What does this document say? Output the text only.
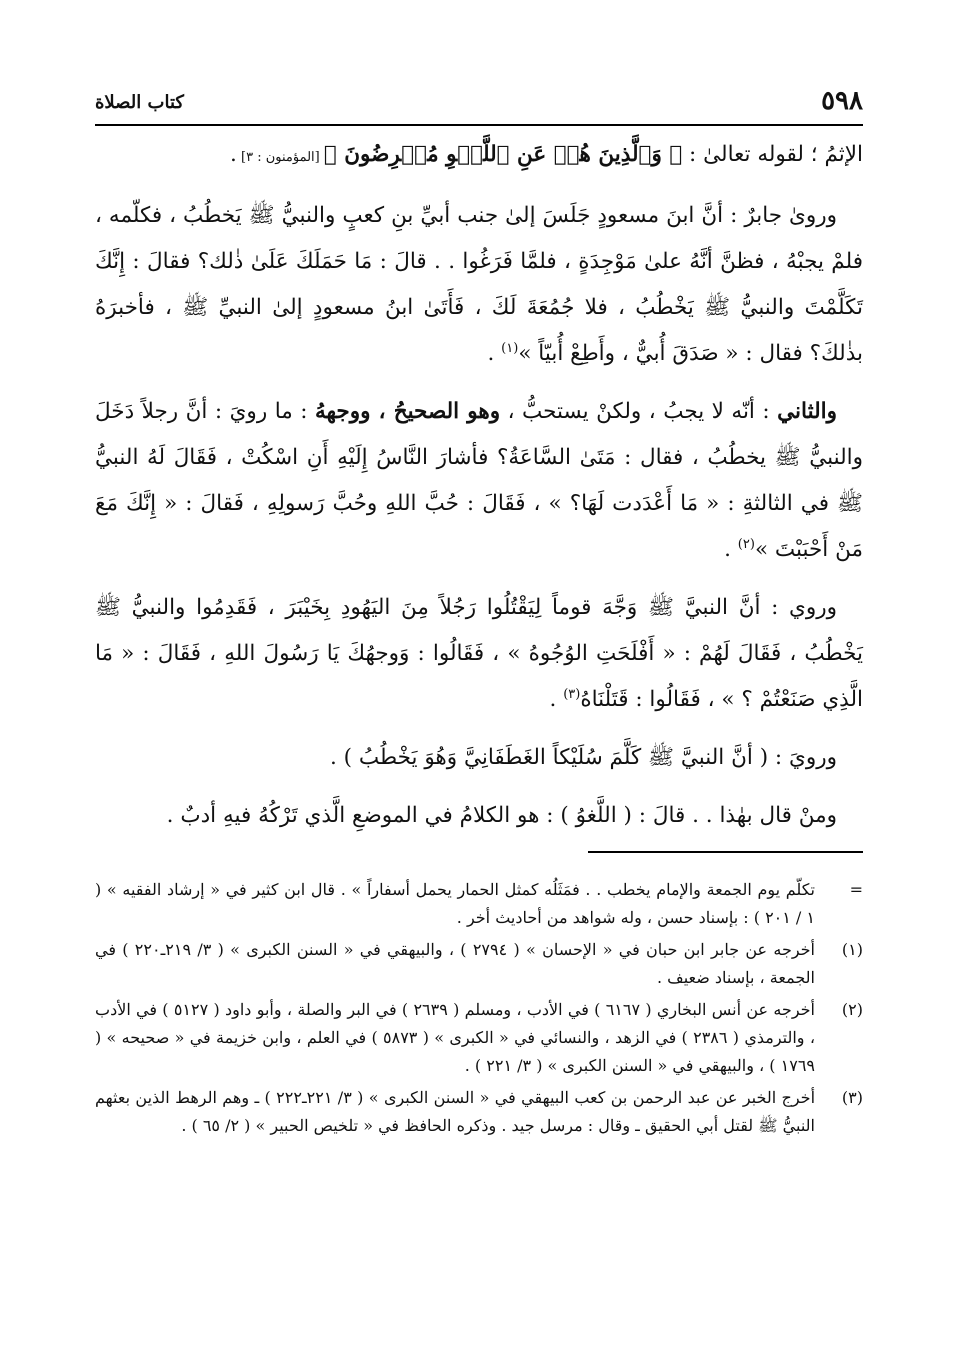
٥٩٨
كتاب الصلاة

الإثمُ ؛ لقوله تعالىٰ : ﴿ وَٱلَّذِينَ هُمۡ عَنِ ٱللَّغۡوِ مُعۡرِضُونَ ﴾ [المؤمنون : ٣] .

ورویٰ جابرٌ : أنَّ ابنَ مسعودٍ جَلَسَ إلىٰ جنب أبيِّ بنِ كعبٍ والنبيُّ ﷺ يَخطُبُ ، فكلّمه ، فلمْ يجبْهُ ، فظنَّ أنَّهُ علىٰ مَوْجِدَةٍ ، فلمَّا فَرَغُوا . . قالَ : مَا حَمَلَكَ عَلَىٰ ذٰلك؟ فقالَ : إِنَّكَ تَكَلَّمْتَ والنبيُّ ﷺ يَخْطُبُ ، فلا جُمُعَةَ لَكَ ، فَأَتَىٰ ابنُ مسعودٍ إلىٰ النبيِّ ﷺ ، فأخبرَهُ بذٰلكَ؟ فقال : « صَدَقَ أُبيٌّ ، وأَطِعْ أُبيّاً »$^{(١)}$ .

والثاني : أنّه لا يجبُ ، ولكنْ يستحبُّ ، وهو الصحيحُ ، ووجههُ : ما رويَ : أنَّ رجلاً دَخَلَ والنبيُّ ﷺ يخطُبُ ، فقال : مَتَىٰ السَّاعَةُ؟ فأشارَ النَّاسُ إِلَيْهِ أَنِ اسْكُتْ ، فَقَالَ لَهُ النبيُّ ﷺ في الثالثةِ : « مَا أَعْدَدت لَهَا؟ » ، فَقَالَ : حُبَّ اللهِ وحُبَّ رَسولِهِ ، فَقالَ : « إِنَّكَ مَعَ مَنْ أَحْبَبْتَ »$^{(٢)}$ .

وروي : أنَّ النبيَّ ﷺ وَجَّهَ قوماً لِيَقْتُلُوا رَجُلاً مِنَ اليَهُودِ بِخَيْبَرَ ، فَقَدِمُوا والنبيُّ ﷺ يَخْطُبُ ، فَقَالَ لَهُمْ : « أَفْلَحَتِ الوُجُوهُ » ، فَقَالُوا : وَوجهُكَ يَا رَسُولَ اللهِ ، فَقَالَ : « مَا الَّذِي صَنَعْتُمْ ؟ » ، فَقَالُوا : قَتَلْنَاهُ$^{(٣)}$ .

ورويَ : ( أنَّ النبيَّ ﷺ كَلَّمَ سُلَيْكاً الغَطَفَانِيَّ وَهُوَ يَخْطُبُ ) .

ومنْ قال بهٰذا . . قالَ : ( اللَّغوُ ) : هو الكلامُ في الموضعِ الَّذي تَرْكُهُ فيهِ أدبٌ .

=
تكلّم يوم الجمعة والإمام يخطب . . فمَثَلُه كمثل الحمار يحمل أسفاراً » . قال ابن كثير في « إرشاد الفقيه » ( ١ / ٢٠١ ) : بإسناد حسن ، وله شواهد من أحاديث أخر .
(١)
أخرجه عن جابر ابن حبان في « الإحسان » ( ٢٧٩٤ ) ، والبيهقي في « السنن الكبرى » ( ٣/ ٢١٩ـ٢٢٠ ) في الجمعة ، بإسناد ضعيف .
(٢)
أخرجه عن أنس البخاري ( ٦١٦٧ ) في الأدب ، ومسلم ( ٢٦٣٩ ) في البر والصلة ، وأبو داود ( ٥١٢٧ ) في الأدب ، والترمذي ( ٢٣٨٦ ) في الزهد ، والنسائي في « الكبرى » ( ٥٨٧٣ ) في العلم ، وابن خزيمة في « صحيحه » ( ١٧٦٩ ) ، والبيهقي في « السنن الكبرى » ( ٣/ ٢٢١ ) .
(٣)
أخرج الخبر عن عبد الرحمن بن كعب البيهقي في « السنن الكبرى » ( ٣/ ٢٢١ـ٢٢٢ ) ـ وهم الرهط الذين بعثهم النبيُّ ﷺ لقتل أبي الحقيق ـ وقال : مرسل جيد . وذكره الحافظ في « تلخيص الحبير » ( ٢/ ٦٥ ) .
